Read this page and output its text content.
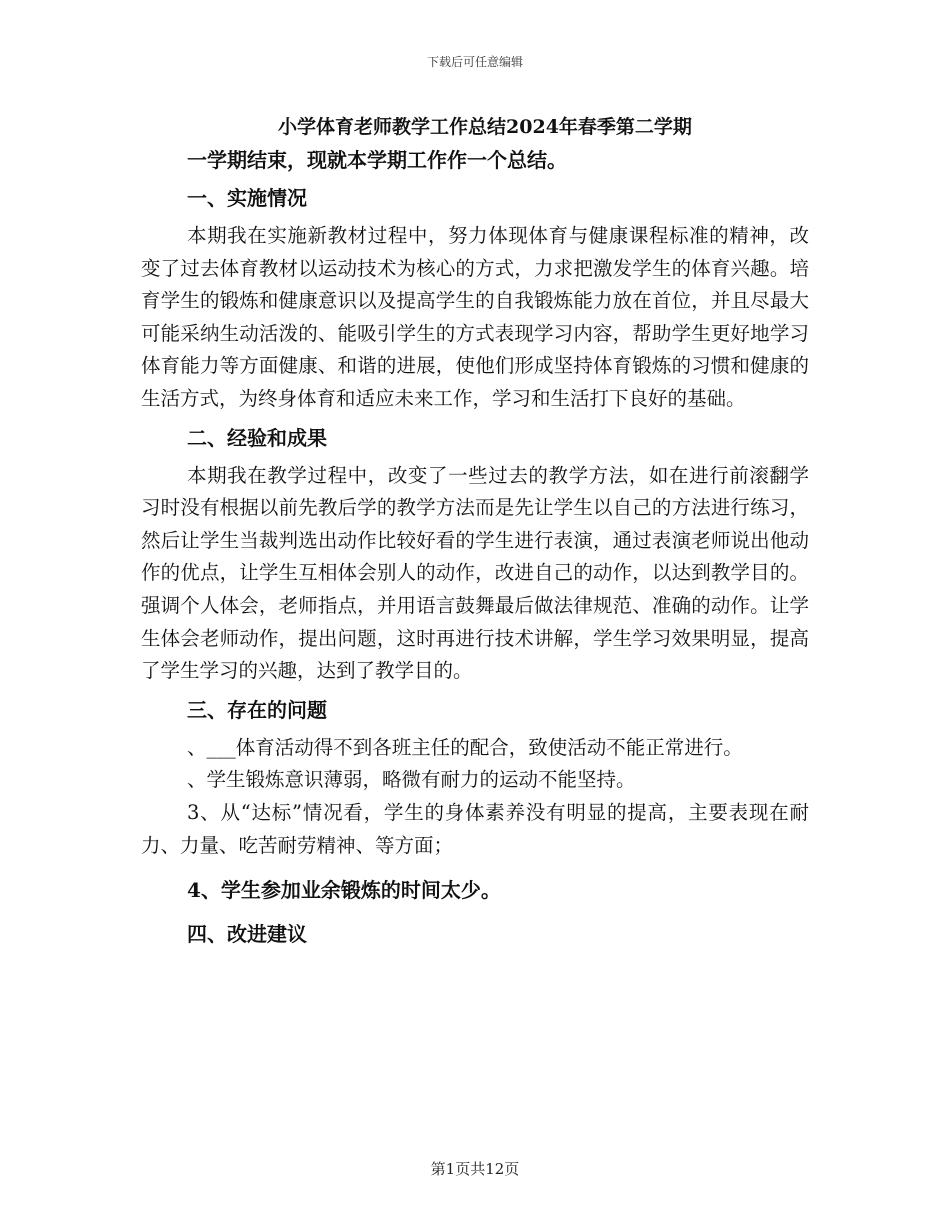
下载后可任意编辑
小学体育老师教学工作总结2024年春季第二学期

一学期结束，现就本学期工作作一个总结。

一、实施情况

本期我在实施新教材过程中，努力体现体育与健康课程标准的精神，改变了过去体育教材以运动技术为核心的方式，力求把激发学生的体育兴趣。培育学生的锻炼和健康意识以及提高学生的自我锻炼能力放在首位，并且尽最大可能采纳生动活泼的、能吸引学生的方式表现学习内容，帮助学生更好地学习体育能力等方面健康、和谐的进展，使他们形成坚持体育锻炼的习惯和健康的生活方式，为终身体育和适应未来工作，学习和生活打下良好的基础。

二、经验和成果

本期我在教学过程中，改变了一些过去的教学方法，如在进行前滚翻学习时没有根据以前先教后学的教学方法而是先让学生以自己的方法进行练习，然后让学生当裁判选出动作比较好看的学生进行表演，通过表演老师说出他动作的优点，让学生互相体会别人的动作，改进自己的动作，以达到教学目的。强调个人体会，老师指点，并用语言鼓舞最后做法律规范、准确的动作。让学生体会老师动作，提出问题，这时再进行技术讲解，学生学习效果明显，提高了学生学习的兴趣，达到了教学目的。

三、存在的问题

、___体育活动得不到各班主任的配合，致使活动不能正常进行。

、学生锻炼意识薄弱，略微有耐力的运动不能坚持。

3、从“达标”情况看，学生的身体素养没有明显的提高，主要表现在耐力、力量、吃苦耐劳精神、等方面；

4、学生参加业余锻炼的时间太少。

四、改进建议

第1页共12页
